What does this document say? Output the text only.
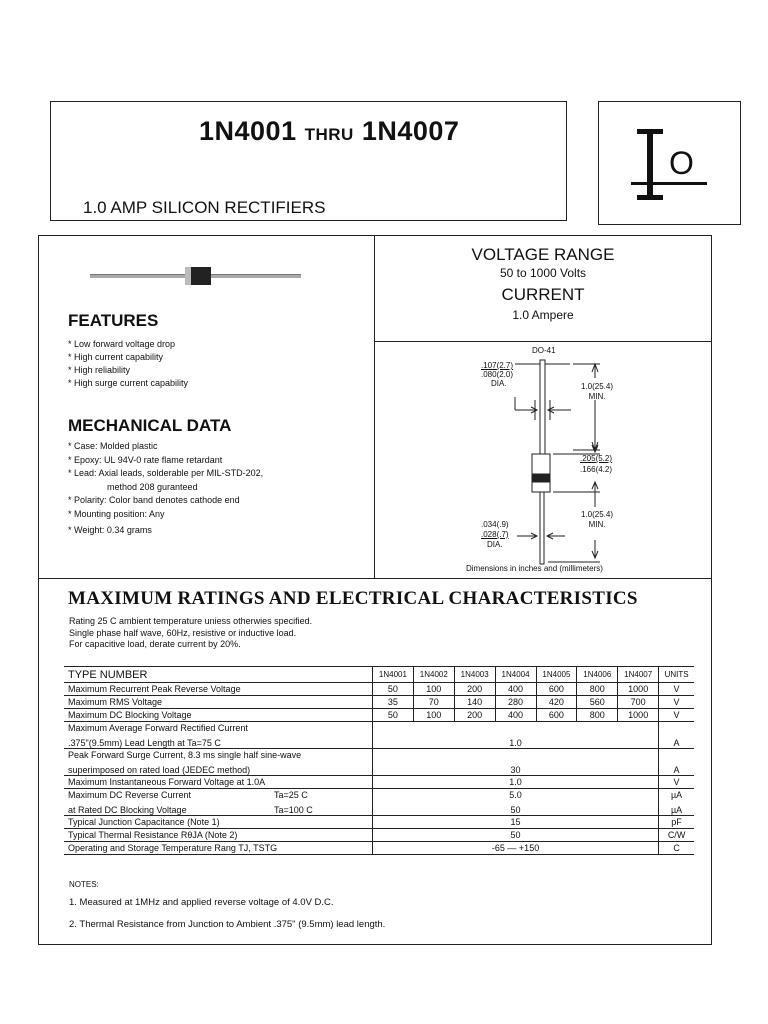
1N4001 THRU 1N4007
1.0 AMP SILICON RECTIFIERS
O
FEATURES
* Low forward voltage drop
* High current capability
* High reliability
* High surge current capability
MECHANICAL DATA
* Case: Molded plastic
* Epoxy: UL 94V-0 rate flame retardant
* Lead: Axial leads, solderable per MIL-STD-202,
method 208 guranteed
* Polarity: Color band denotes cathode end
* Mounting position: Any
* Weight: 0.34 grams
VOLTAGE RANGE
50 to 1000 Volts
CURRENT
1.0 Ampere
DO-41
.107(2.7)
.080(2.0)
DIA.	1.0(25.4)
MIN.
.205(5.2)
.166(4.2)
1.0(25.4)
MIN.
.034(.9)
.028(.7)
DIA.
Dimensions in inches and (millimeters)
MAXIMUM RATINGS AND ELECTRICAL CHARACTERISTICS
Rating 25 C ambient temperature uniess otherwies specified.
Single phase half wave, 60Hz, resistive or inductive load.
For capacitive load, derate current by 20%.
TYPE NUMBER	1N4001	1N4002	1N4003	1N4004	1N4005	1N4006	1N4007	UNITS
Maximum Recurrent Peak Reverse Voltage	50	100	200	400	600	800	1000	V
Maximum RMS Voltage	35	70	140	280	420	560	700	V
Maximum DC Blocking Voltage	50	100	200	400	600	800	1000	V
Maximum Average Forward Rectified Current								
.375"(9.5mm) Lead Length at Ta=75 C	1.0							A
Peak Forward Surge Current, 8.3 ms single half sine-wave								
superimposed on rated load (JEDEC method)	30							A
Maximum Instantaneous Forward Voltage at 1.0A	1.0							V
Maximum DC Reverse Current Ta=25 C	5.0							µA
at Rated DC Blocking Voltage Ta=100 C	50							µA
Typical Junction Capacitance (Note 1)	15							pF
Typical Thermal Resistance RθJA (Note 2)	50							C/W
Operating and Storage Temperature Rang TJ, TSTG	-65 — +150							C
NOTES:
1. Measured at 1MHz and applied reverse voltage of 4.0V D.C.
2. Thermal Resistance from Junction to Ambient .375" (9.5mm) lead length.
